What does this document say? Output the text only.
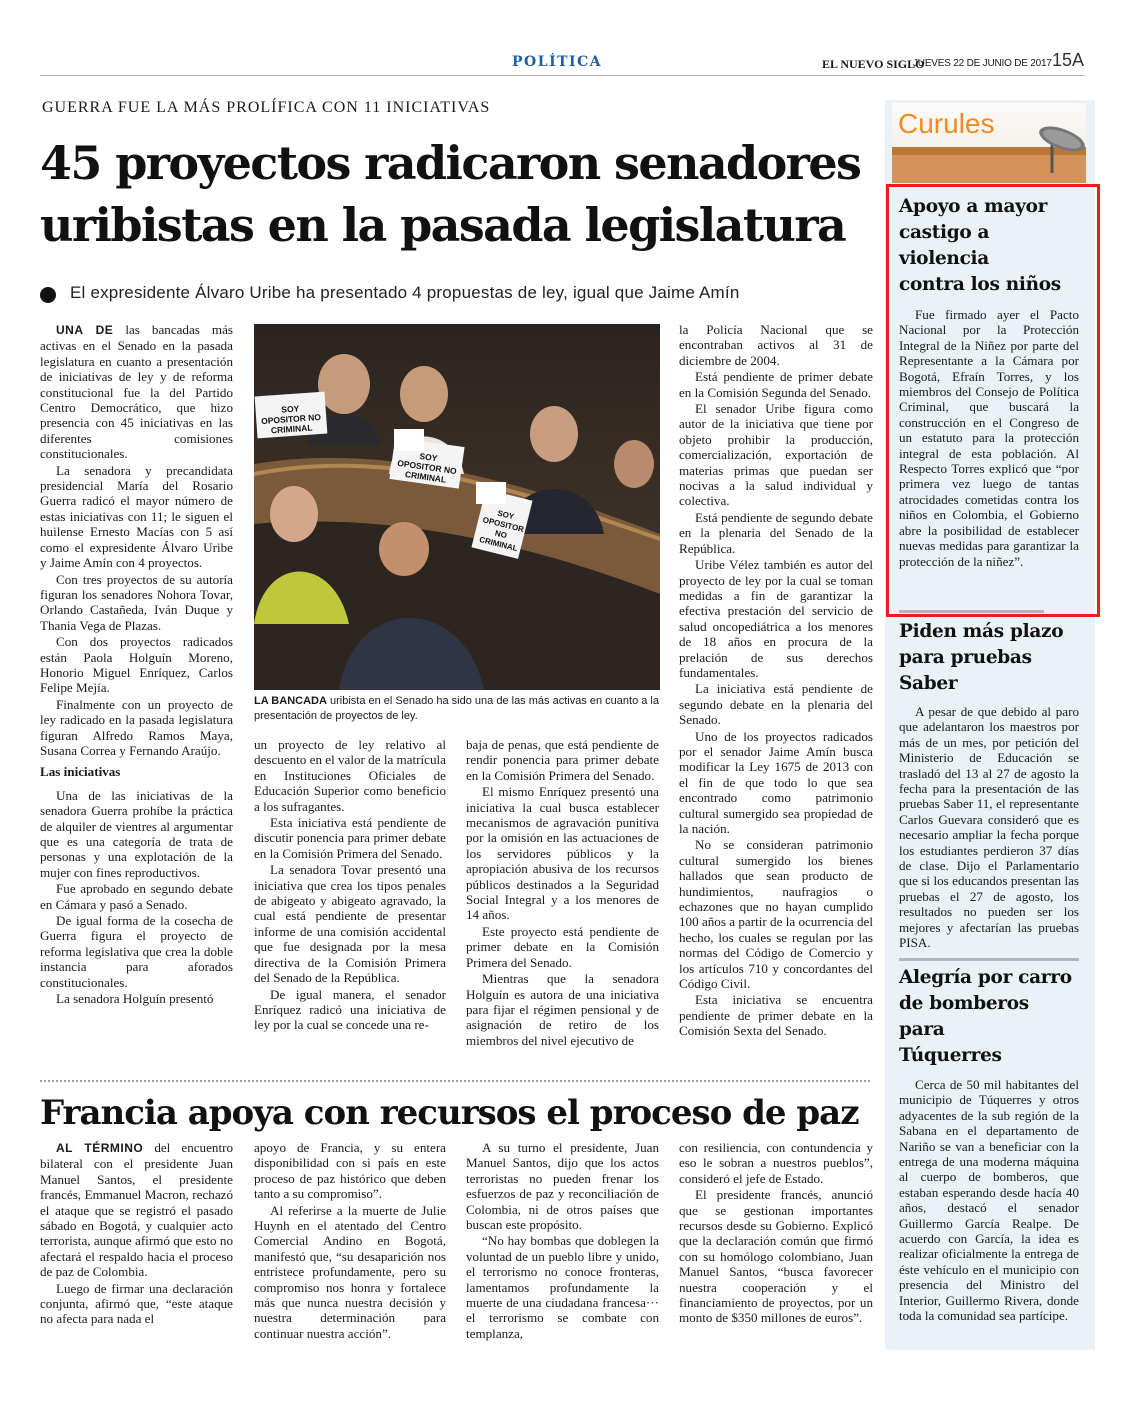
POLÍTICA	EL NUEVO SIGLO
JUEVES 22 DE JUNIO DE 2017 15A
GUERRA FUE LA MÁS PROLÍFICA CON 11 INICIATIVAS
45 proyectos radicaron senadores
uribistas en la pasada legislatura
El expresidente Álvaro Uribe ha presentado 4 propuestas de ley, igual que Jaime Amín
SOY OPOSITOR NO CRIMINAL
SOY OPOSITOR NO CRIMINAL
SOY OPOSITOR NO CRIMINAL
LA BANCADA uribista en el Senado ha sido una de las más activas en cuanto a la presentación de proyectos de ley.

UNA DE las bancadas más activas en el Senado en la pasada legislatura en cuanto a presentación de iniciativas de ley y de reforma constitucional fue la del Partido Centro Democrático, que hizo presencia con 45 iniciativas en las diferentes comisiones constitucionales.

La senadora y precandidata presidencial María del Rosario Guerra radicó el mayor número de estas iniciativas con 11; le siguen el huilense Ernesto Macías con 5 así como el expresidente Álvaro Uribe y Jaime Amín con 4 proyectos.

Con tres proyectos de su autoría figuran los senadores Nohora Tovar, Orlando Castañeda, Iván Duque y Thania Vega de Plazas.

Con dos proyectos radicados están Paola Holguín Moreno, Honorio Miguel Enríquez, Carlos Felipe Mejía.

Finalmente con un proyecto de ley radicado en la pasada legislatura figuran Alfredo Ramos Maya, Susana Correa y Fernando Araújo.

Las iniciativas

Una de las iniciativas de la senadora Guerra prohíbe la práctica de alquiler de vientres al argumentar que es una categoría de trata de personas y una explotación de la mujer con fines reproductivos.

Fue aprobado en segundo debate en Cámara y pasó a Senado.

De igual forma de la cosecha de Guerra figura el proyecto de reforma legislativa que crea la doble instancia para aforados constitucionales.

La senadora Holguín presentó

un proyecto de ley relativo al descuento en el valor de la matrícula en Instituciones Oficiales de Educación Superior como beneficio a los sufragantes.

Esta iniciativa está pendiente de discutir ponencia para primer debate en la Comisión Primera del Senado.

La senadora Tovar presentó una iniciativa que crea los tipos penales de abigeato y abigeato agravado, la cual está pendiente de presentar informe de una comisión accidental que fue designada por la mesa directiva de la Comisión Primera del Senado de la República.

De igual manera, el senador Enríquez radicó una iniciativa de ley por la cual se concede una re-

baja de penas, que está pendiente de rendir ponencia para primer debate en la Comisión Primera del Senado.

El mismo Enríquez presentó una iniciativa la cual busca establecer mecanismos de agravación punitiva por la omisión en las actuaciones de los servidores públicos y la apropiación abusiva de los recursos públicos destinados a la Seguridad Social Integral y a los menores de 14 años.

Este proyecto está pendiente de primer debate en la Comisión Primera del Senado.

Mientras que la senadora Holguín es autora de una iniciativa para fijar el régimen pensional y de asignación de retiro de los miembros del nivel ejecutivo de

la Policía Nacional que se encontraban activos al 31 de diciembre de 2004.

Está pendiente de primer debate en la Comisión Segunda del Senado.

El senador Uribe figura como autor de la iniciativa que tiene por objeto prohibir la producción, comercialización, exportación de materias primas que puedan ser nocivas a la salud individual y colectiva.

Está pendiente de segundo debate en la plenaria del Senado de la República.

Uribe Vélez también es autor del proyecto de ley por la cual se toman medidas a fin de garantizar la efectiva prestación del servicio de salud oncopediátrica a los menores de 18 años en procura de la prelación de sus derechos fundamentales.

La iniciativa está pendiente de segundo debate en la plenaria del Senado.

Uno de los proyectos radicados por el senador Jaime Amín busca modificar la Ley 1675 de 2013 con el fin de que todo lo que sea encontrado como patrimonio cultural sumergido sea propiedad de la nación.

No se consideran patrimonio cultural sumergido los bienes hallados que sean producto de hundimientos, naufragios o echazones que no hayan cumplido 100 años a partir de la ocurrencia del hecho, los cuales se regulan por las normas del Código de Comercio y los artículos 710 y concordantes del Código Civil.

Esta iniciativa se encuentra pendiente de primer debate en la Comisión Sexta del Senado.

Francia apoya con recursos el proceso de paz

AL TÉRMINO del encuentro bilateral con el presidente Juan Manuel Santos, el presidente francés, Emmanuel Macron, rechazó el ataque que se registró el pasado sábado en Bogotá, y cualquier acto terrorista, aunque afirmó que esto no afectará el respaldo hacia el proceso de paz de Colombia.

Luego de firmar una declaración conjunta, afirmó que, “este ataque no afecta para nada el

apoyo de Francia, y su entera disponibilidad con si país en este proceso de paz histórico que deben tanto a su compromiso”.

Al referirse a la muerte de Julie Huynh en el atentado del Centro Comercial Andino en Bogotá, manifestó que, “su desaparición nos entristece profundamente, pero su compromiso nos honra y fortalece más que nunca nuestra decisión y nuestra determinación para continuar nuestra acción”.

A su turno el presidente, Juan Manuel Santos, dijo que los actos terroristas no pueden frenar los esfuerzos de paz y reconciliación de Colombia, ni de otros países que buscan este propósito.

“No hay bombas que doblegen la voluntad de un pueblo libre y unido, el terrorismo no conoce fronteras, lamentamos profundamente la muerte de una ciudadana francesa··· el terrorismo se combate con templanza,

con resiliencia, con contundencia y eso le sobran a nuestros pueblos”, consideró el jefe de Estado.

El presidente francés, anunció que se gestionan importantes recursos desde su Gobierno. Explicó que la declaración común que firmó con su homólogo colombiano, Juan Manuel Santos, “busca favorecer nuestra cooperación y el financiamiento de proyectos, por un monto de $350 millones de euros”.

Curules
Apoyo a mayor
castigo a violencia
contra los niños

Fue firmado ayer el Pacto Nacional por la Protección Integral de la Niñez por parte del Representante a la Cámara por Bogotá, Efraín Torres, y los miembros del Consejo de Política Criminal, que buscará la construcción en el Congreso de un estatuto para la protección integral de esta población. Al Respecto Torres explicó que “por primera vez luego de tantas atrocidades cometidas contra los niños en Colombia, el Gobierno abre la posibilidad de establecer nuevas medidas para garantizar la protección de la niñez”.

Piden más plazo
para pruebas Saber

A pesar de que debido al paro que adelantaron los maestros por más de un mes, por petición del Ministerio de Educación se trasladó del 13 al 27 de agosto la fecha para la presentación de las pruebas Saber 11, el representante Carlos Guevara consideró que es necesario ampliar la fecha porque los estudiantes perdieron 37 días de clase. Dijo el Parlamentario que si los educandos presentan las pruebas el 27 de agosto, los resultados no pueden ser los mejores y afectarían las pruebas PISA.

Alegría por carro
de bomberos para
Túquerres

Cerca de 50 mil habitantes del municipio de Túquerres y otros adyacentes de la sub región de la Sabana en el departamento de Nariño se van a beneficiar con la entrega de una moderna máquina al cuerpo de bomberos, que estaban esperando desde hacía 40 años, destacó el senador Guillermo García Realpe. De acuerdo con García, la idea es realizar oficialmente la entrega de éste vehículo en el municipio con presencia del Ministro del Interior, Guillermo Rivera, donde toda la comunidad sea partícipe.
